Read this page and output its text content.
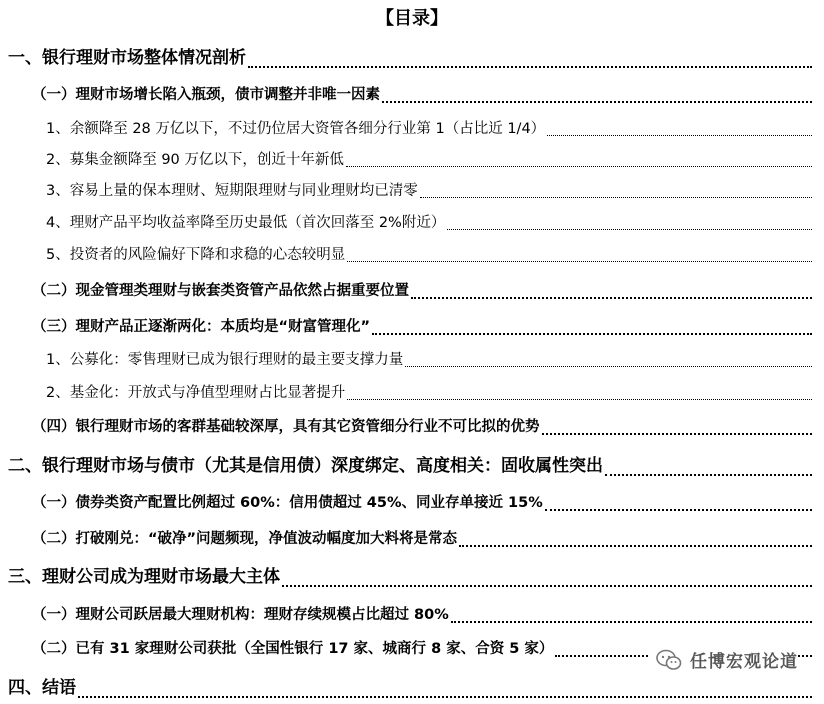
【目录】
一、银行理财市场整体情况剖析
（一）理财市场增长陷入瓶颈，债市调整并非唯一因素
1、余额降至 28 万亿以下，不过仍位居大资管各细分行业第 1（占比近 1/4）
2、募集金额降至 90 万亿以下，创近十年新低
3、容易上量的保本理财、短期限理财与同业理财均已清零
4、理财产品平均收益率降至历史最低（首次回落至 2%附近）
5、投资者的风险偏好下降和求稳的心态较明显
（二）现金管理类理财与嵌套类资管产品依然占据重要位置
（三）理财产品正逐渐两化：本质均是“财富管理化”
1、公募化：零售理财已成为银行理财的最主要支撑力量
2、基金化：开放式与净值型理财占比显著提升
（四）银行理财市场的客群基础较深厚，具有其它资管细分行业不可比拟的优势
二、银行理财市场与债市（尤其是信用债）深度绑定、高度相关：固收属性突出
（一）债券类资产配置比例超过 60%：信用债超过 45%、同业存单接近 15%
（二）打破刚兑：“破净”问题频现，净值波动幅度加大料将是常态
三、理财公司成为理财市场最大主体
（一）理财公司跃居最大理财机构：理财存续规模占比超过 80%
（二）已有 31 家理财公司获批（全国性银行 17 家、城商行 8 家、合资 5 家）
四、结语
任博宏观论道
